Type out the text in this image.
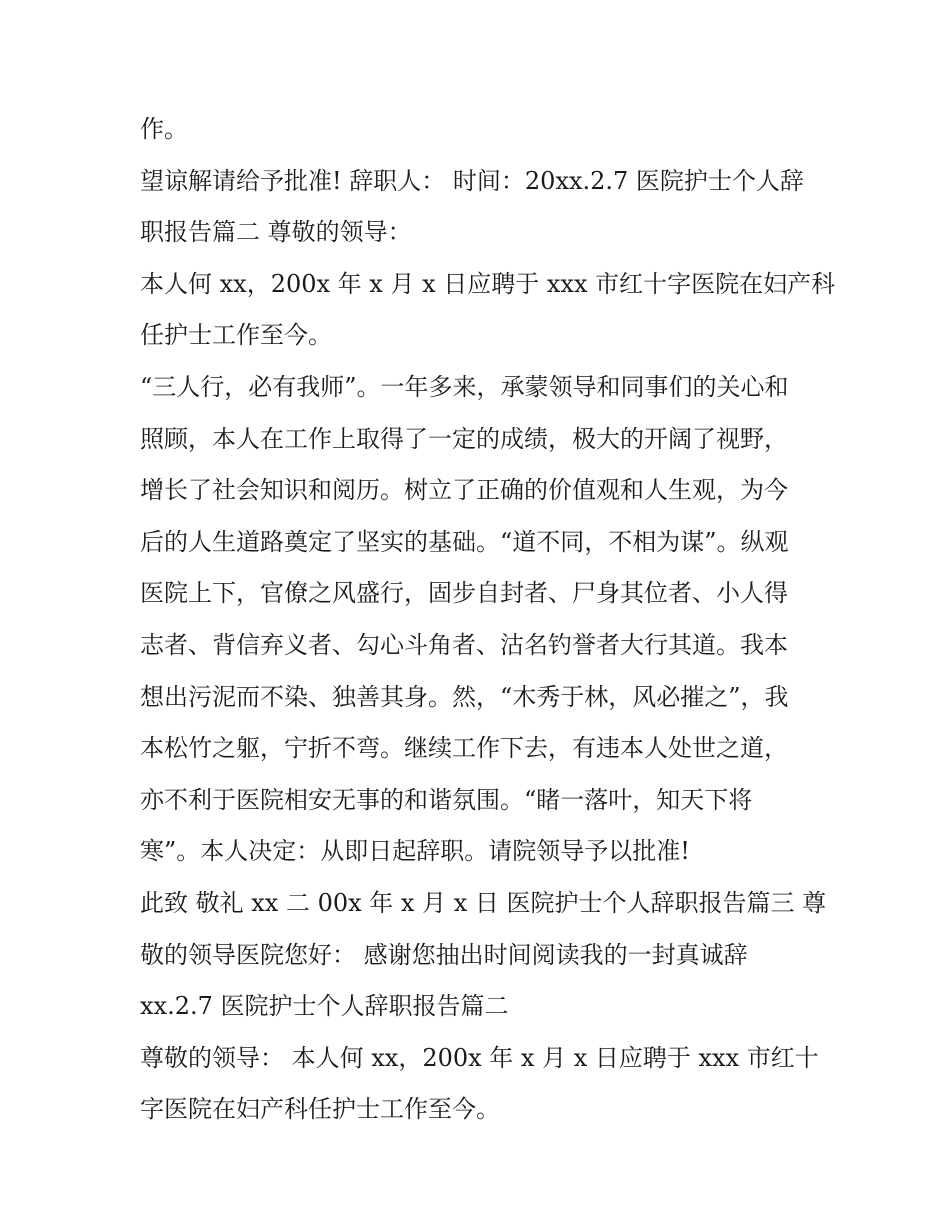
作。
望谅解请给予批准! 辞职人： 时间：20xx.2.7 医院护士个人辞
职报告篇二 尊敬的领导：
本人何 xx，200x 年 x 月 x 日应聘于 xxx 市红十字医院在妇产科
任护士工作至今。
“三人行，必有我师”。一年多来，承蒙领导和同事们的关心和
照顾，本人在工作上取得了一定的成绩，极大的开阔了视野，
增长了社会知识和阅历。树立了正确的价值观和人生观，为今
后的人生道路奠定了坚实的基础。“道不同，不相为谋”。纵观
医院上下，官僚之风盛行，固步自封者、尸身其位者、小人得
志者、背信弃义者、勾心斗角者、沽名钓誉者大行其道。我本
想出污泥而不染、独善其身。然，“木秀于林，风必摧之”，我
本松竹之躯，宁折不弯。继续工作下去，有违本人处世之道，
亦不利于医院相安无事的和谐氛围。“睹一落叶，知天下将
寒”。本人决定：从即日起辞职。请院领导予以批准!
此致 敬礼 xx 二 00x 年 x 月 x 日 医院护士个人辞职报告篇三 尊
敬的领导医院您好： 感谢您抽出时间阅读我的一封真诚辞
xx.2.7 医院护士个人辞职报告篇二
尊敬的领导： 本人何 xx，200x 年 x 月 x 日应聘于 xxx 市红十
字医院在妇产科任护士工作至今。
